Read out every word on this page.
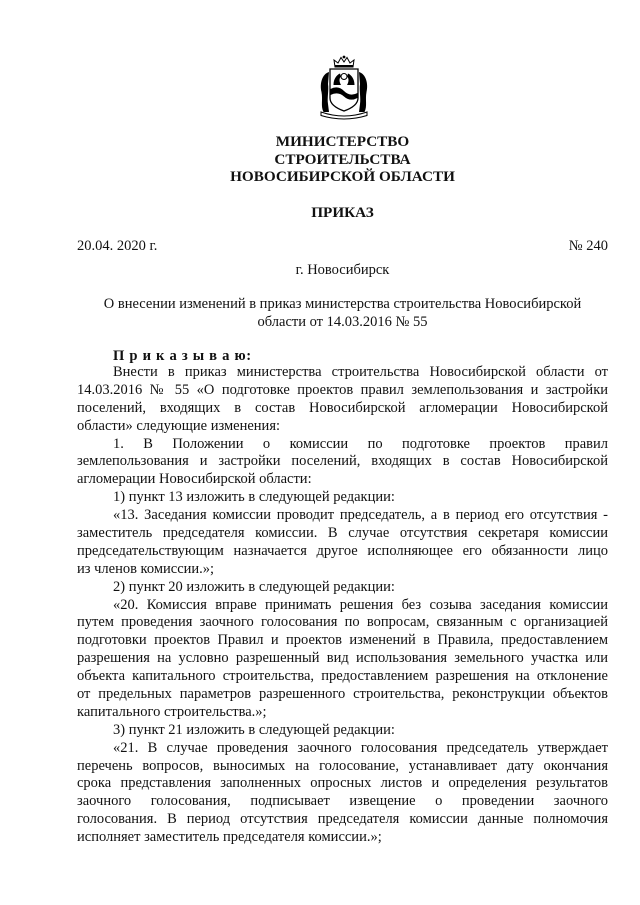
МИНИСТЕРСТВО
СТРОИТЕЛЬСТВА
НОВОСИБИРСКОЙ ОБЛАСТИ
ПРИКАЗ
20.04. 2020 г.	№ 240
г. Новосибирск
О внесении изменений в приказ министерства строительства Новосибирской
области от 14.03.2016 № 55
П р и к а з ы в а ю:
Внести в приказ министерства строительства Новосибирской области от
14.03.2016 № 55 «О подготовке проектов правил землепользования и застройки
поселений, входящих в состав Новосибирской агломерации Новосибирской
области» следующие изменения:
1. В Положении о комиссии по подготовке проектов правил
землепользования и застройки поселений, входящих в состав Новосибирской
агломерации Новосибирской области:
1) пункт 13 изложить в следующей редакции:
«13. Заседания комиссии проводит председатель, а в период его отсутствия -
заместитель председателя комиссии. В случае отсутствия секретаря комиссии
председательствующим назначается другое исполняющее его обязанности лицо
из членов комиссии.»;
2) пункт 20 изложить в следующей редакции:
«20. Комиссия вправе принимать решения без созыва заседания комиссии
путем проведения заочного голосования по вопросам, связанным с организацией
подготовки проектов Правил и проектов изменений в Правила, предоставлением
разрешения на условно разрешенный вид использования земельного участка или
объекта капитального строительства, предоставлением разрешения на отклонение
от предельных параметров разрешенного строительства, реконструкции объектов
капитального строительства.»;
3) пункт 21 изложить в следующей редакции:
«21. В случае проведения заочного голосования председатель утверждает
перечень вопросов, выносимых на голосование, устанавливает дату окончания
срока представления заполненных опросных листов и определения результатов
заочного голосования, подписывает извещение о проведении заочного
голосования. В период отсутствия председателя комиссии данные полномочия
исполняет заместитель председателя комиссии.»;
